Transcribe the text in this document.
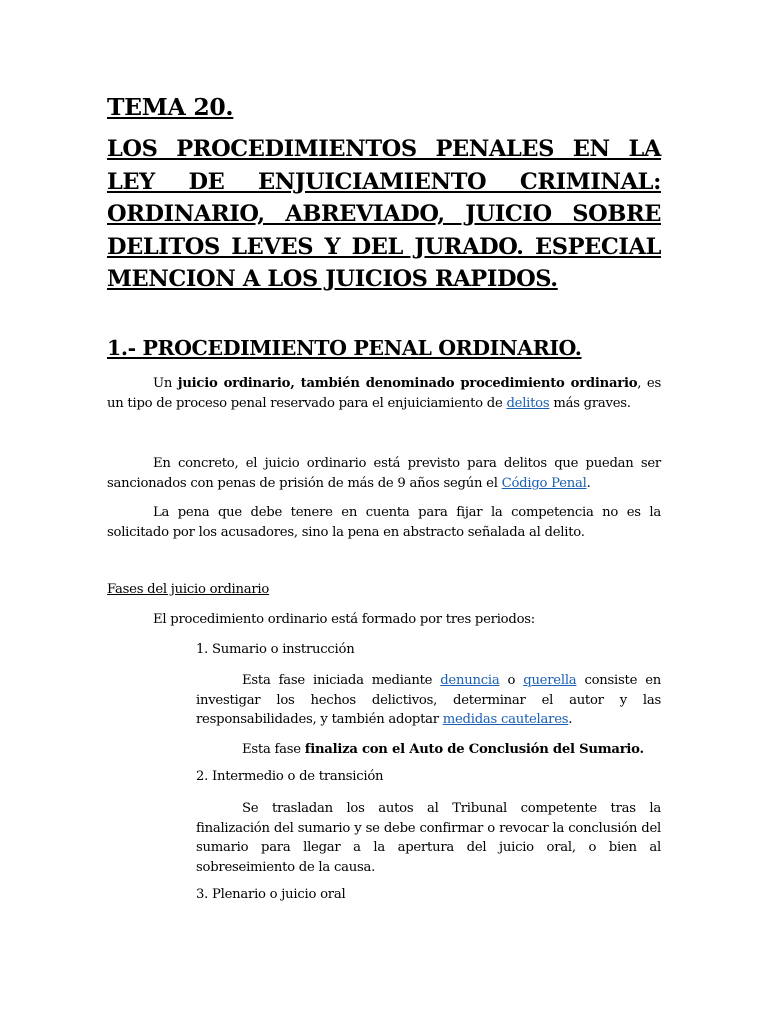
TEMA 20.
LOS PROCEDIMIENTOS PENALES EN LA LEY DE ENJUICIAMIENTO CRIMINAL: ORDINARIO, ABREVIADO, JUICIO SOBRE DELITOS LEVES Y DEL JURADO. ESPECIAL MENCION A LOS JUICIOS RAPIDOS.
1.- PROCEDIMIENTO PENAL ORDINARIO.
Un juicio ordinario, también denominado procedimiento ordinario, es un tipo de proceso penal reservado para el enjuiciamiento de delitos más graves.
En concreto, el juicio ordinario está previsto para delitos que puedan ser sancionados con penas de prisión de más de 9 años según el Código Penal.
La pena que debe tenere en cuenta para fijar la competencia no es la solicitado por los acusadores, sino la pena en abstracto señalada al delito.
Fases del juicio ordinario
El procedimiento ordinario está formado por tres periodos:
1. Sumario o instrucción
Esta fase iniciada mediante denuncia o querella consiste en investigar los hechos delictivos, determinar el autor y las responsabilidades, y también adoptar medidas cautelares.
Esta fase finaliza con el Auto de Conclusión del Sumario.
2. Intermedio o de transición
Se trasladan los autos al Tribunal competente tras la finalización del sumario y se debe confirmar o revocar la conclusión del sumario para llegar a la apertura del juicio oral, o bien al sobreseimiento de la causa.
3. Plenario o juicio oral
